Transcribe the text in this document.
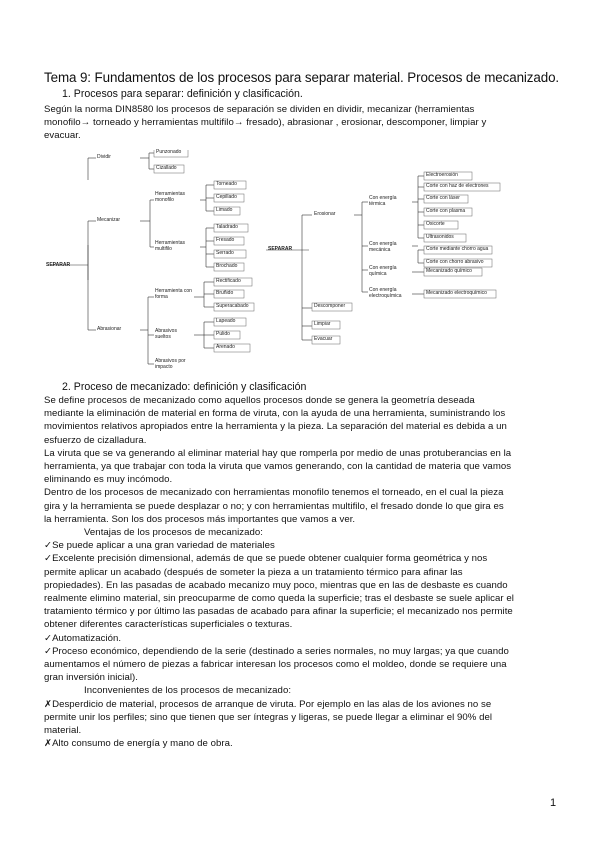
Tema 9: Fundamentos de los procesos para separar material. Procesos de mecanizado.
1. Procesos para separar: definición y clasificación.
Según la norma DIN8580 los procesos de separación se dividen en dividir, mecanizar (herramientas
monofilo→ torneado y herramientas multifilo→ fresado), abrasionar , erosionar, descomponer, limpiar y
evacuar.
SEPARAR
Dividir
Punzonado
Cizallado
Mecanizar
Herramientas monofilo
Torneado
Cepillado
Limado
Herramientas multifilo
Taladrado
Fresado
Serrado
Brochado
Abrasionar
Herramienta con forma
Rectificado
Bruñido
Superacabado
Abrasivos sueltos
Lapeado
Pulido
Arenado
Abrasivos por impacto
SEPARAR
Erosionar
Con energía térmica
Electroerosión
Corte con haz de electrones
Corte con láser
Corte con plasma
Oxicorte
Ultrasonidos
Con energía mecánica	Corte mediante chorro agua
Corte con chorro abrasivo
Con energía química	Mecanizado químico
Con energía electroquímica	Mecanizado electroquímico
Descomponer
Limpiar
Evacuar
2. Proceso de mecanizado: definición y clasificación
Se define procesos de mecanizado como aquellos procesos donde se genera la geometría deseada
mediante la eliminación de material en forma de viruta, con la ayuda de una herramienta, suministrando los
movimientos relativos apropiados entre la herramienta y la pieza. La separación del material es debida a un
esfuerzo de cizalladura.
La viruta que se va generando al eliminar material hay que romperla por medio de unas protuberancias en la
herramienta, ya que trabajar con toda la viruta que vamos generando, con la cantidad de materia que vamos
eliminando es muy incómodo.
Dentro de los procesos de mecanizado con herramientas monofilo tenemos el torneado, en el cual la pieza
gira y la herramienta se puede desplazar o no; y con herramientas multifilo, el fresado donde lo que gira es
la herramienta. Son los dos procesos más importantes que vamos a ver.
Ventajas de los procesos de mecanizado:
✓Se puede aplicar a una gran variedad de materiales
✓Excelente precisión dimensional, además de que se puede obtener cualquier forma geométrica y nos
permite aplicar un acabado (después de someter la pieza a un tratamiento térmico para afinar las
propiedades). En las pasadas de acabado mecanizo muy poco, mientras que en las de desbaste es cuando
realmente elimino material, sin preocuparme de como queda la superficie; tras el desbaste se suele aplicar el
tratamiento térmico y por último las pasadas de acabado para afinar la superficie; el mecanizado nos permite
obtener diferentes características superficiales o texturas.
✓Automatización.
✓Proceso económico, dependiendo de la serie (destinado a series normales, no muy largas; ya que cuando
aumentamos el número de piezas a fabricar interesan los procesos como el moldeo, donde se requiere una
gran inversión inicial).
Inconvenientes de los procesos de mecanizado:
✗Desperdicio de material, procesos de arranque de viruta. Por ejemplo en las alas de los aviones no se
permite unir los perfiles; sino que tienen que ser íntegras y ligeras, se puede llegar a eliminar el 90% del
material.
✗Alto consumo de energía y mano de obra.
1
